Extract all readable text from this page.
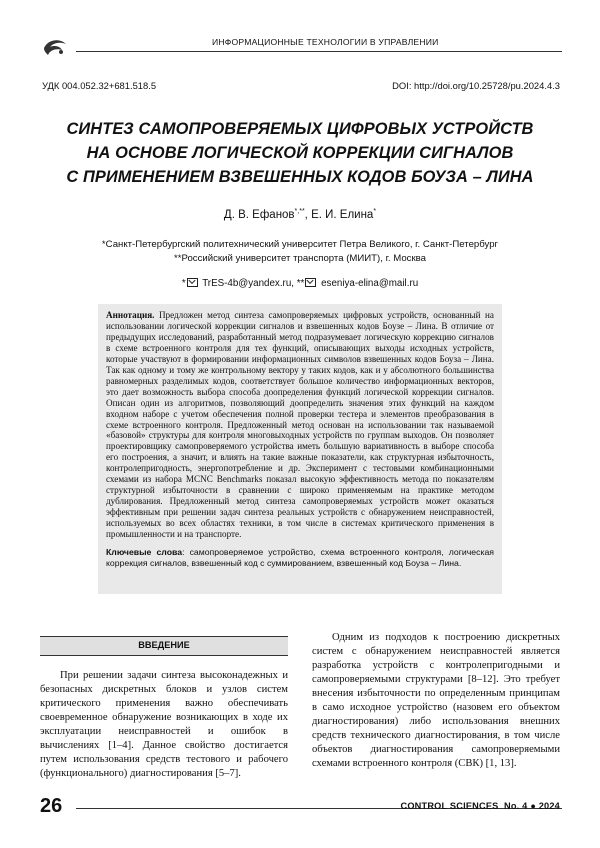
ИНФОРМАЦИОННЫЕ ТЕХНОЛОГИИ В УПРАВЛЕНИИ
УДК 004.052.32+681.518.5	DOI: http://doi.org/10.25728/pu.2024.4.3
СИНТЕЗ САМОПРОВЕРЯЕМЫХ ЦИФРОВЫХ УСТРОЙСТВ
НА ОСНОВЕ ЛОГИЧЕСКОЙ КОРРЕКЦИИ СИГНАЛОВ
С ПРИМЕНЕНИЕМ ВЗВЕШЕННЫХ КОДОВ БОУЗА – ЛИНА
Д. В. Ефанов*,**, Е. И. Елина*
*Санкт-Петербургский политехнический университет Петра Великого, г. Санкт-Петербург
**Российский университет транспорта (МИИТ), г. Москва
* TrES-4b@yandex.ru, ** eseniya-elina@mail.ru
Аннотация. Предложен метод синтеза самопроверяемых цифровых устройств, основанный на использовании логической коррекции сигналов и взвешенных кодов Боузе – Лина. В отличие от предыдущих исследований, разработанный метод подразумевает логическую коррекцию сигналов в схеме встроенного контроля для тех функций, описывающих выходы исходных устройств, которые участвуют в формировании информационных символов взвешенных кодов Боуза – Лина. Так как одному и тому же контрольному вектору у таких кодов, как и у абсолютного большинства равномерных разделимых кодов, соответствует большое количество информационных векторов, это дает возможность выбора способа доопределения функций логической коррекции сигналов. Описан один из алгоритмов, позволяющий доопределить значения этих функций на каждом входном наборе с учетом обеспечения полной проверки тестера и элементов преобразования в схеме встроенного контроля. Предложенный метод основан на использовании так называемой «базовой» структуры для контроля многовыходных устройств по группам выходов. Он позволяет проектировщику самопроверяемого устройства иметь большую вариативность в выборе способа его построения, а значит, и влиять на такие важные показатели, как структурная избыточность, контролепригодность, энергопотребление и др. Эксперимент с тестовыми комбинационными схемами из набора MCNC Benchmarks показал высокую эффективность метода по показателям структурной избыточности в сравнении с широко применяемым на практике методом дублирования. Предложенный метод синтеза самопроверяемых устройств может оказаться эффективным при решении задач синтеза реальных устройств с обнаружением неисправностей, используемых во всех областях техники, в том числе в системах критического применения в промышленности и на транспорте.
Ключевые слова: самопроверяемое устройство, схема встроенного контроля, логическая коррекция сигналов, взвешенный код с суммированием, взвешенный код Боуза – Лина.
ВВЕДЕНИЕ
При решении задачи синтеза высоконадежных и безопасных дискретных блоков и узлов систем критического применения важно обеспечивать своевременное обнаружение возникающих в ходе их эксплуатации неисправностей и ошибок в вычислениях [1–4]. Данное свойство достигается путем использования средств тестового и рабочего (функционального) диагностирования [5–7].
Одним из подходов к построению дискретных систем с обнаружением неисправностей является разработка устройств с контролепригодными и самопроверяемыми структурами [8–12]. Это требует внесения избыточности по определенным принципам в само исходное устройство (назовем его объектом диагностирования) либо использования внешних средств технического диагностирования, в том числе объектов диагностирования самопроверяемыми схемами встроенного контроля (СВК) [1, 13].
26	CONTROL SCIENCES No. 4 ● 2024
